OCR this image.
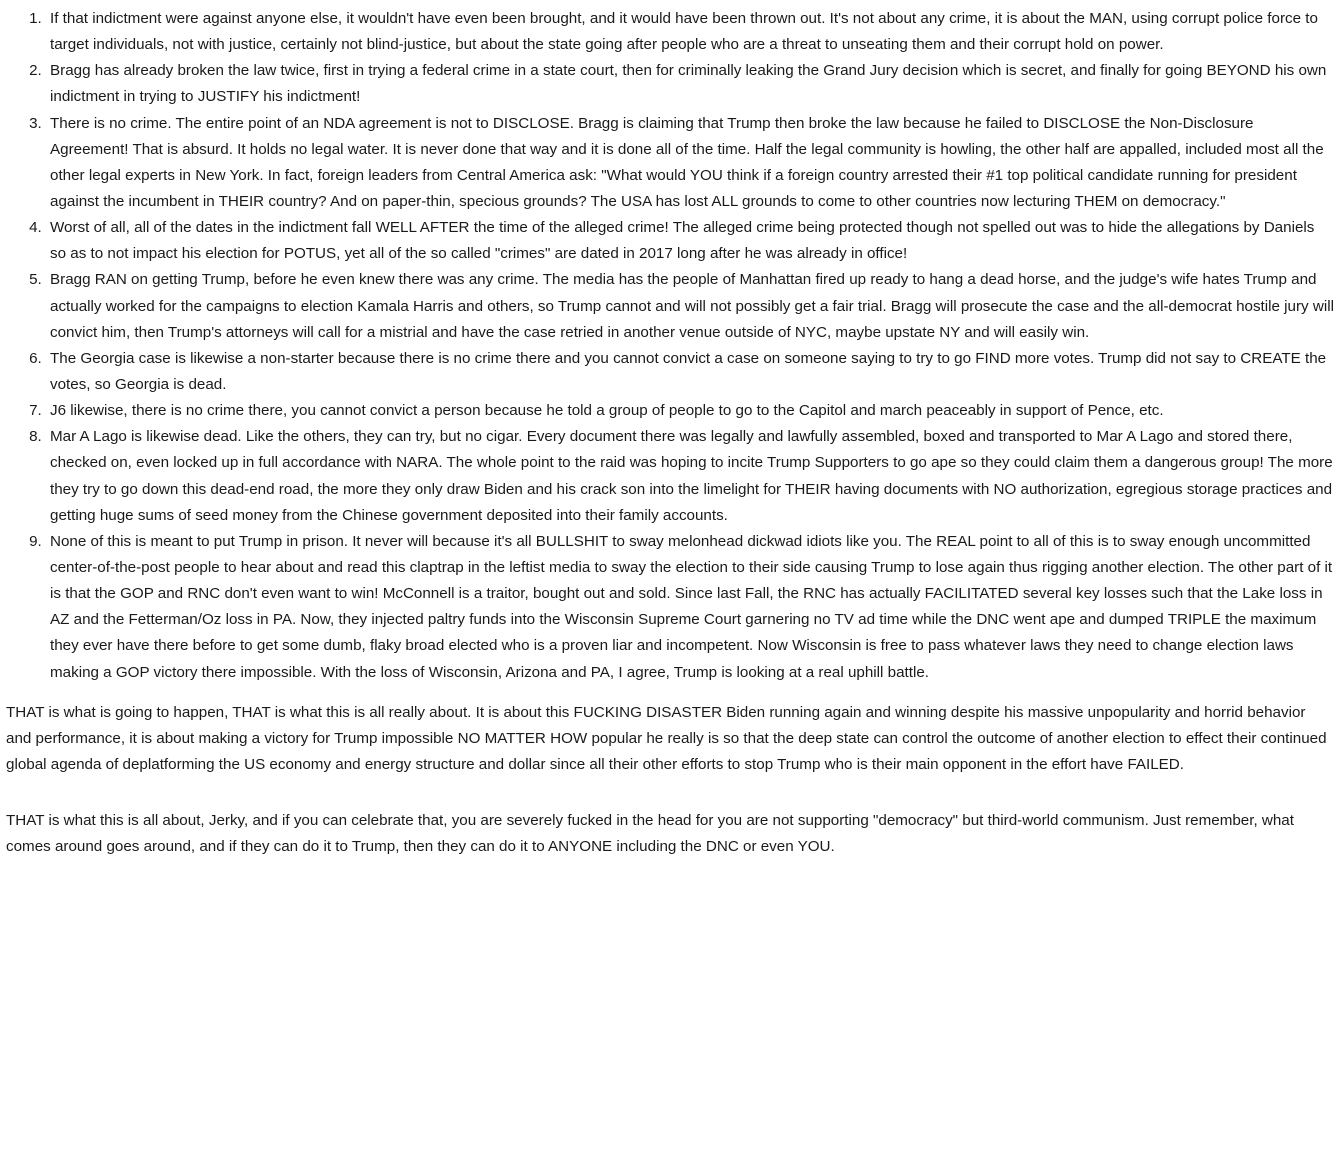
1. If that indictment were against anyone else, it wouldn't have even been brought, and it would have been thrown out. It's not about any crime, it is about the MAN, using corrupt police force to target individuals, not with justice, certainly not blind-justice, but about the state going after people who are a threat to unseating them and their corrupt hold on power.
2. Bragg has already broken the law twice, first in trying a federal crime in a state court, then for criminally leaking the Grand Jury decision which is secret, and finally for going BEYOND his own indictment in trying to JUSTIFY his indictment!
3. There is no crime. The entire point of an NDA agreement is not to DISCLOSE. Bragg is claiming that Trump then broke the law because he failed to DISCLOSE the Non-Disclosure Agreement! That is absurd. It holds no legal water. It is never done that way and it is done all of the time. Half the legal community is howling, the other half are appalled, included most all the other legal experts in New York. In fact, foreign leaders from Central America ask: "What would YOU think if a foreign country arrested their #1 top political candidate running for president against the incumbent in THEIR country? And on paper-thin, specious grounds? The USA has lost ALL grounds to come to other countries now lecturing THEM on democracy."
4. Worst of all, all of the dates in the indictment fall WELL AFTER the time of the alleged crime! The alleged crime being protected though not spelled out was to hide the allegations by Daniels so as to not impact his election for POTUS, yet all of the so called "crimes" are dated in 2017 long after he was already in office!
5. Bragg RAN on getting Trump, before he even knew there was any crime. The media has the people of Manhattan fired up ready to hang a dead horse, and the judge's wife hates Trump and actually worked for the campaigns to election Kamala Harris and others, so Trump cannot and will not possibly get a fair trial. Bragg will prosecute the case and the all-democrat hostile jury will convict him, then Trump's attorneys will call for a mistrial and have the case retried in another venue outside of NYC, maybe upstate NY and will easily win.
6. The Georgia case is likewise a non-starter because there is no crime there and you cannot convict a case on someone saying to try to go FIND more votes. Trump did not say to CREATE the votes, so Georgia is dead.
7. J6 likewise, there is no crime there, you cannot convict a person because he told a group of people to go to the Capitol and march peaceably in support of Pence, etc.
8. Mar A Lago is likewise dead. Like the others, they can try, but no cigar. Every document there was legally and lawfully assembled, boxed and transported to Mar A Lago and stored there, checked on, even locked up in full accordance with NARA. The whole point to the raid was hoping to incite Trump Supporters to go ape so they could claim them a dangerous group! The more they try to go down this dead-end road, the more they only draw Biden and his crack son into the limelight for THEIR having documents with NO authorization, egregious storage practices and getting huge sums of seed money from the Chinese government deposited into their family accounts.
9. None of this is meant to put Trump in prison. It never will because it's all BULLSHIT to sway melonhead dickwad idiots like you. The REAL point to all of this is to sway enough uncommitted center-of-the-post people to hear about and read this claptrap in the leftist media to sway the election to their side causing Trump to lose again thus rigging another election. The other part of it is that the GOP and RNC don't even want to win! McConnell is a traitor, bought out and sold. Since last Fall, the RNC has actually FACILITATED several key losses such that the Lake loss in AZ and the Fetterman/Oz loss in PA. Now, they injected paltry funds into the Wisconsin Supreme Court garnering no TV ad time while the DNC went ape and dumped TRIPLE the maximum they ever have there before to get some dumb, flaky broad elected who is a proven liar and incompetent. Now Wisconsin is free to pass whatever laws they need to change election laws making a GOP victory there impossible. With the loss of Wisconsin, Arizona and PA, I agree, Trump is looking at a real uphill battle.

THAT is what is going to happen, THAT is what this is all really about. It is about this FUCKING DISASTER Biden running again and winning despite his massive unpopularity and horrid behavior and performance, it is about making a victory for Trump impossible NO MATTER HOW popular he really is so that the deep state can control the outcome of another election to effect their continued global agenda of deplatforming the US economy and energy structure and dollar since all their other efforts to stop Trump who is their main opponent in the effort have FAILED.

THAT is what this is all about, Jerky, and if you can celebrate that, you are severely fucked in the head for you are not supporting "democracy" but third-world communism. Just remember, what comes around goes around, and if they can do it to Trump, then they can do it to ANYONE including the DNC or even YOU.
